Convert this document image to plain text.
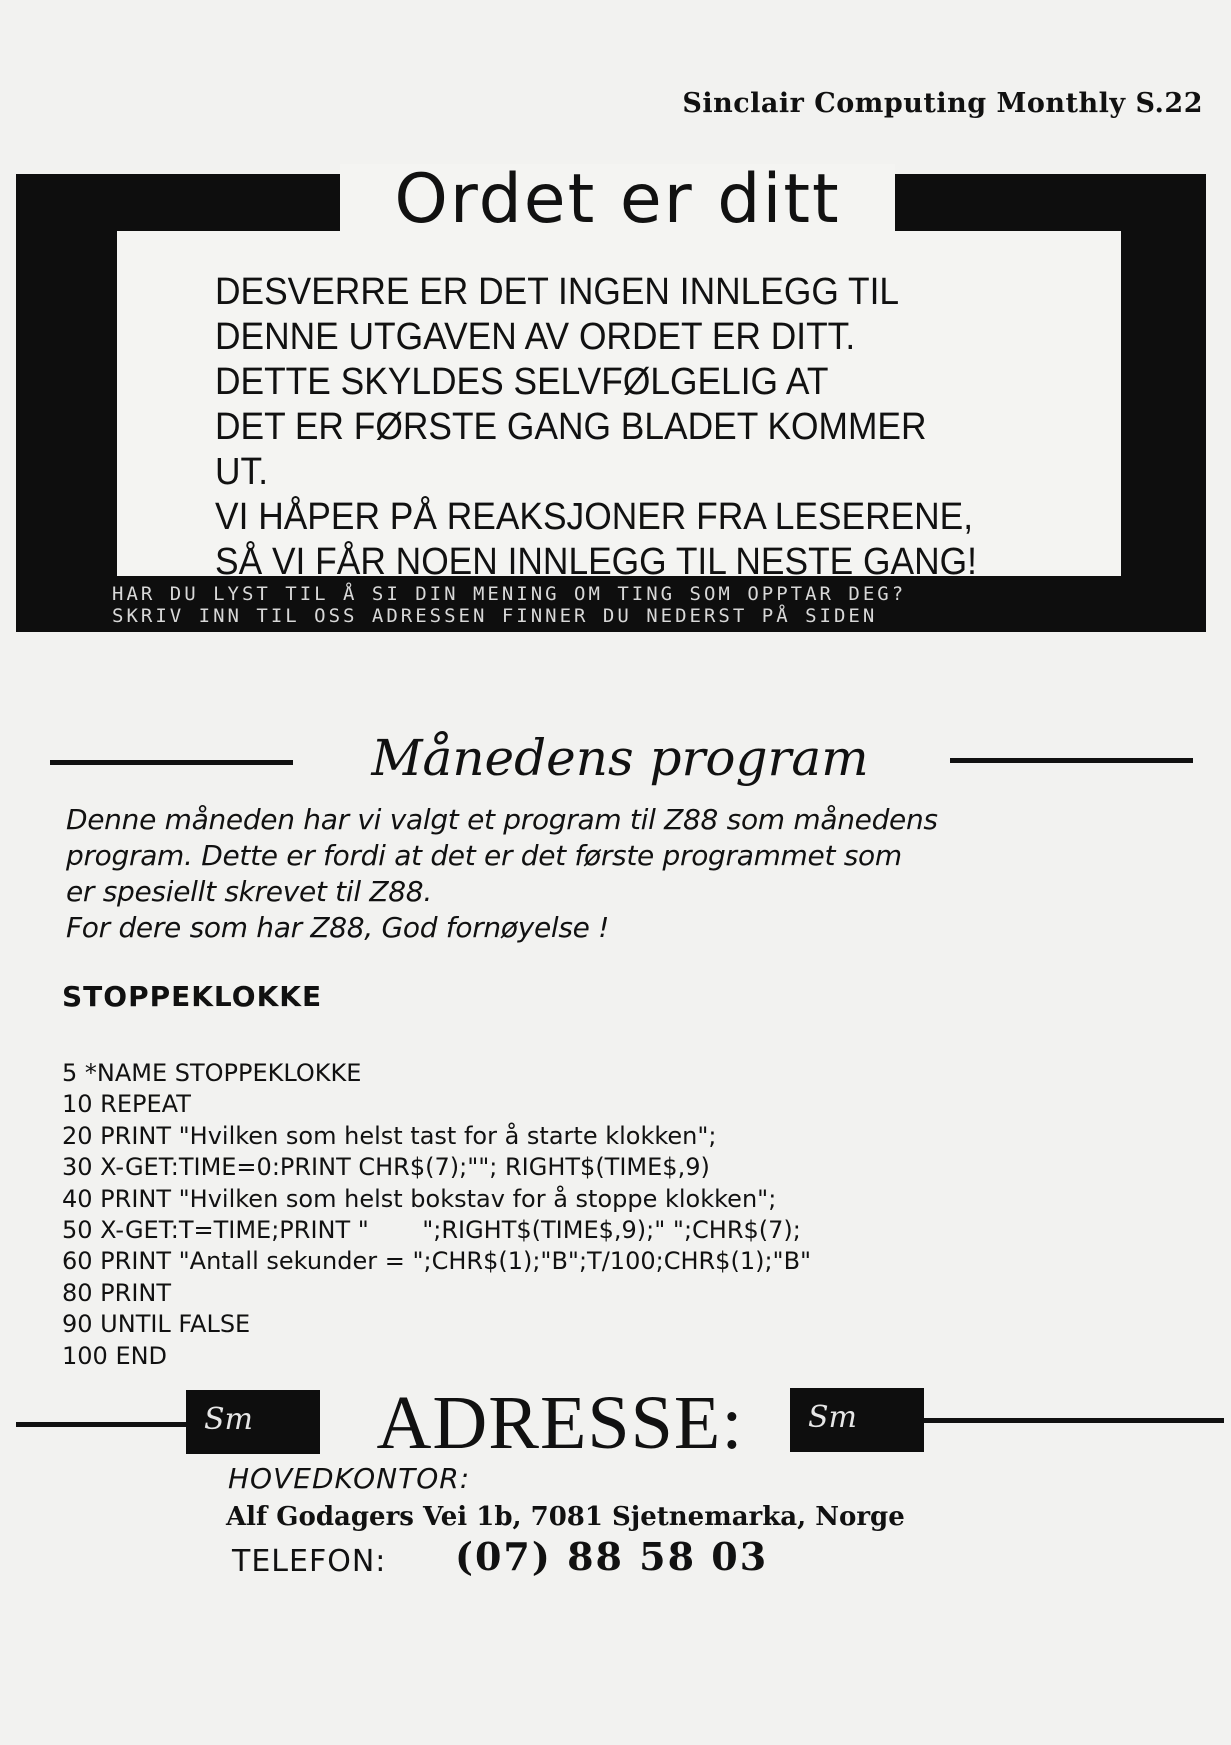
Sinclair Computing Monthly S.22
Ordet er ditt
DESVERRE ER DET INGEN INNLEGG TIL
DENNE UTGAVEN AV ORDET ER DITT.
DETTE SKYLDES SELVFØLGELIG AT
DET ER FØRSTE GANG BLADET KOMMER
UT.
VI HÅPER PÅ REAKSJONER FRA LESERENE,
SÅ VI FÅR NOEN INNLEGG TIL NESTE GANG!
HAR DU LYST TIL Å SI DIN MENING OM TING SOM OPPTAR DEG?
SKRIV INN TIL OSS ADRESSEN FINNER DU NEDERST PÅ SIDEN
Månedens program
Denne måneden har vi valgt et program til Z88 som månedens
program. Dette er fordi at det er det første programmet som
er spesiellt skrevet til Z88.
For dere som har Z88, God fornøyelse !
STOPPEKLOKKE
5 *NAME STOPPEKLOKKE
10 REPEAT
20 PRINT "Hvilken som helst tast for å starte klokken";
30 X-GET:TIME=0:PRINT CHR$(7);""; RIGHT$(TIME$,9)
40 PRINT "Hvilken som helst bokstav for å stoppe klokken";
50 X-GET:T=TIME;PRINT "       ";RIGHT$(TIME$,9);" ";CHR$(7);
60 PRINT "Antall sekunder = ";CHR$(1);"B";T/100;CHR$(1);"B"
80 PRINT
90 UNTIL FALSE
100 END
Sm	Sm
ADRESSE:
HOVEDKONTOR:
Alf Godagers Vei 1b, 7081 Sjetnemarka, Norge
TELEFON: (07) 88 58 03
